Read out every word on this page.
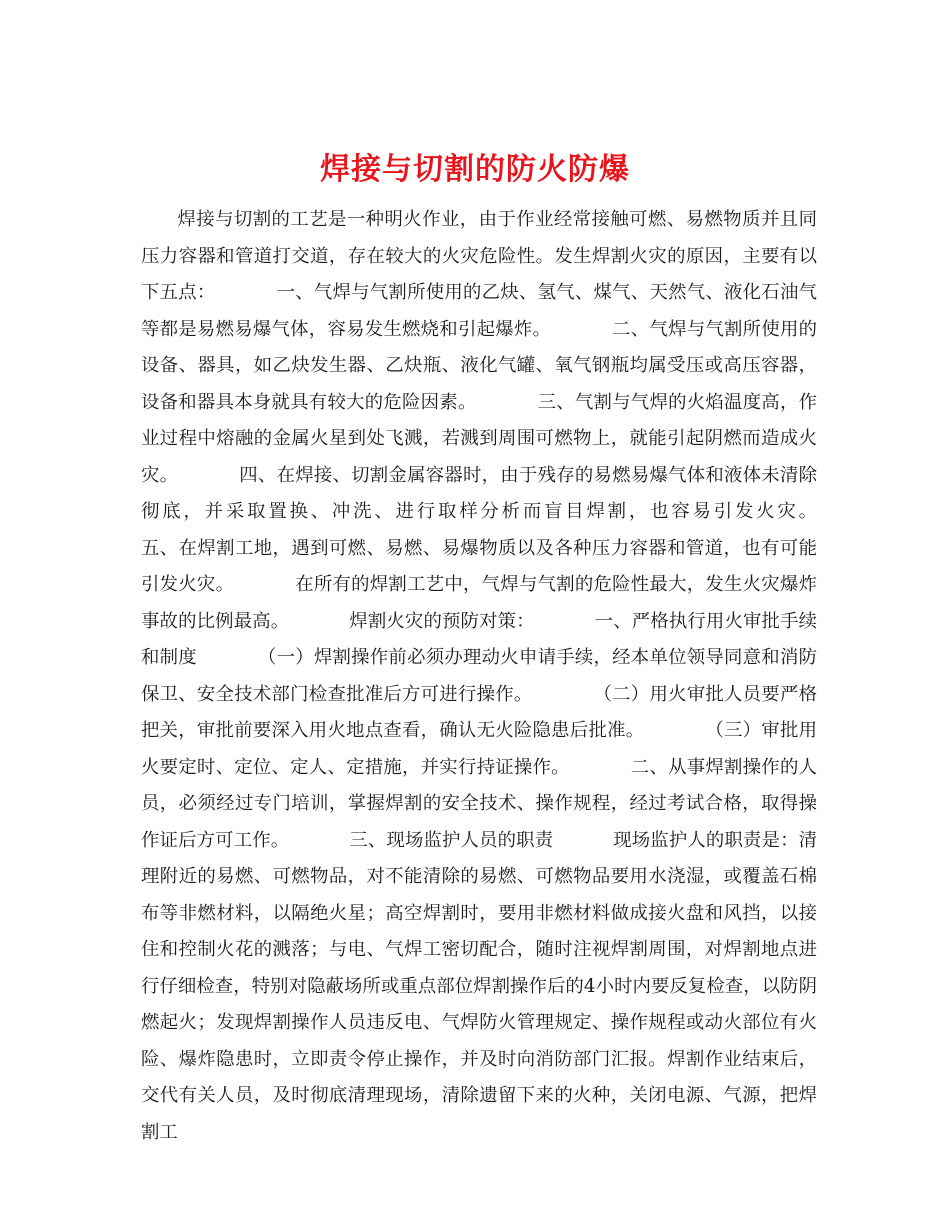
焊接与切割的防火防爆

焊接与切割的工艺是一种明火作业，由于作业经常接触可燃、易燃物质并且同压力容器和管道打交道，存在较大的火灾危险性。发生焊割火灾的原因，主要有以下五点：          一、气焊与气割所使用的乙炔、氢气、煤气、天然气、液化石油气等都是易燃易爆气体，容易发生燃烧和引起爆炸。          二、气焊与气割所使用的设备、器具，如乙炔发生器、乙炔瓶、液化气罐、氧气钢瓶均属受压或高压容器，设备和器具本身就具有较大的危险因素。          三、气割与气焊的火焰温度高，作业过程中熔融的金属火星到处飞溅，若溅到周围可燃物上，就能引起阴燃而造成火灾。          四、在焊接、切割金属容器时，由于残存的易燃易爆气体和液体未清除彻底，并采取置换、冲洗、进行取样分析而盲目焊割，也容易引发火灾。          五、在焊割工地，遇到可燃、易燃、易爆物质以及各种压力容器和管道，也有可能引发火灾。          在所有的焊割工艺中，气焊与气割的危险性最大，发生火灾爆炸事故的比例最高。          焊割火灾的预防对策：          一、严格执行用火审批手续和制度          （一）焊割操作前必须办理动火申请手续，经本单位领导同意和消防保卫、安全技术部门检查批准后方可进行操作。          （二）用火审批人员要严格把关，审批前要深入用火地点查看，确认无火险隐患后批准。          （三）审批用火要定时、定位、定人、定措施，并实行持证操作。          二、从事焊割操作的人员，必须经过专门培训，掌握焊割的安全技术、操作规程，经过考试合格，取得操作证后方可工作。          三、现场监护人员的职责          现场监护人的职责是：清理附近的易燃、可燃物品，对不能清除的易燃、可燃物品要用水浇湿，或覆盖石棉布等非燃材料，以隔绝火星；高空焊割时，要用非燃材料做成接火盘和风挡，以接住和控制火花的溅落；与电、气焊工密切配合，随时注视焊割周围，对焊割地点进行仔细检查，特别对隐蔽场所或重点部位焊割操作后的4小时内要反复检查，以防阴燃起火；发现焊割操作人员违反电、气焊防火管理规定、操作规程或动火部位有火险、爆炸隐患时，立即责令停止操作，并及时向消防部门汇报。焊割作业结束后，交代有关人员，及时彻底清理现场，清除遗留下来的火种，关闭电源、气源，把焊割工
